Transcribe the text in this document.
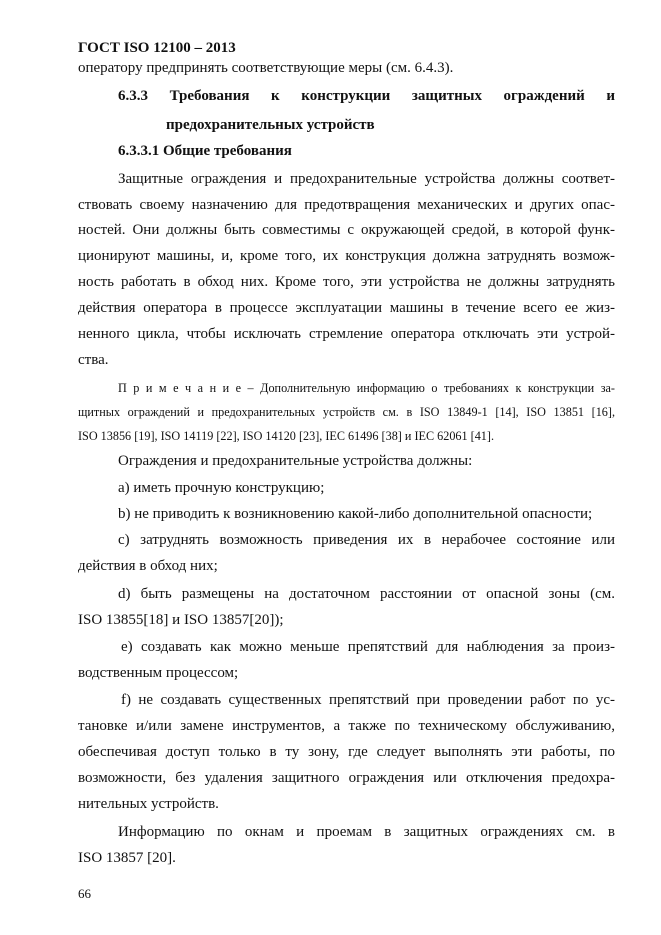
ГОСТ ISO 12100 – 2013
оператору предпринять соответствующие меры (см. 6.4.3).
6.3.3 Требования к конструкции защитных ограждений и
предохранительных устройств
6.3.3.1 Общие требования
Защитные ограждения и предохранительные устройства должны соответ-
ствовать своему назначению для предотвращения механических и других опас-
ностей. Они должны быть совместимы с окружающей средой, в которой функ-
ционируют машины, и, кроме того, их конструкция должна затруднять возмож-
ность работать в обход них. Кроме того, эти устройства не должны затруднять
действия оператора в процессе эксплуатации машины в течение всего ее жиз-
ненного цикла, чтобы исключать стремление оператора отключать эти устрой-
ства.
П р и м е ч а н и е – Дополнительную информацию о требованиях к конструкции за-
щитных ограждений и предохранительных устройств см. в ISO 13849-1 [14], ISO 13851 [16],
ISO 13856 [19], ISO 14119 [22], ISO 14120 [23], IEC 61496 [38] и IEC 62061 [41].
Ограждения и предохранительные устройства должны:
a) иметь прочную конструкцию;
b) не приводить к возникновению какой-либо дополнительной опасности;
c) затруднять возможность приведения их в нерабочее состояние или
действия в обход них;
d) быть размещены на достаточном расстоянии от опасной зоны (см.
ISO 13855[18] и ISO 13857[20]);
e) создавать как можно меньше препятствий для наблюдения за произ-
водственным процессом;
f) не создавать существенных препятствий при проведении работ по ус-
тановке и/или замене инструментов, а также по техническому обслуживанию,
обеспечивая доступ только в ту зону, где следует выполнять эти работы, по
возможности, без удаления защитного ограждения или отключения предохра-
нительных устройств.
Информацию по окнам и проемам в защитных ограждениях см. в
ISO 13857 [20].
66
